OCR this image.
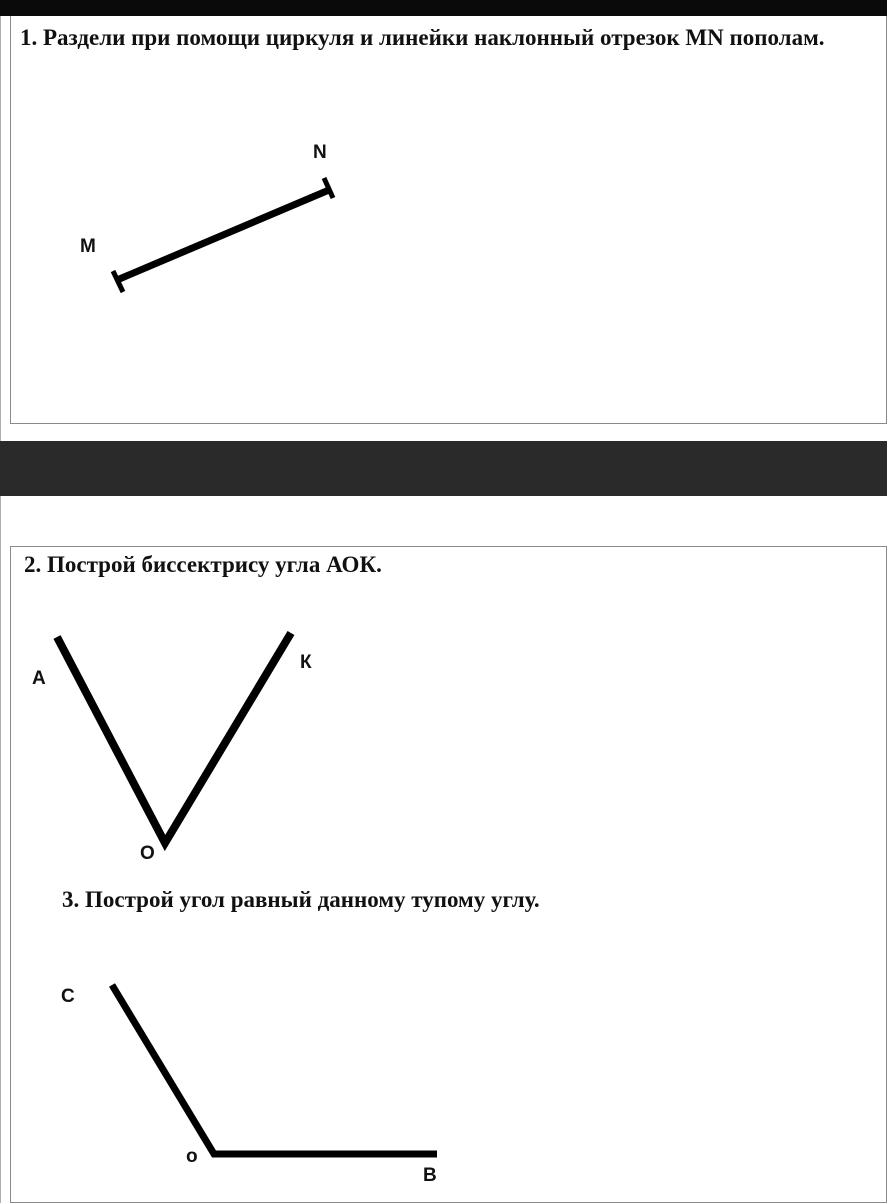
1. Раздели при помощи циркуля и линейки наклонный отрезок MN пополам.

2. Построй биссектрису угла АОК.

3. Построй угол равный данному тупому углу.

N
M
А
К
О
С
о
В
